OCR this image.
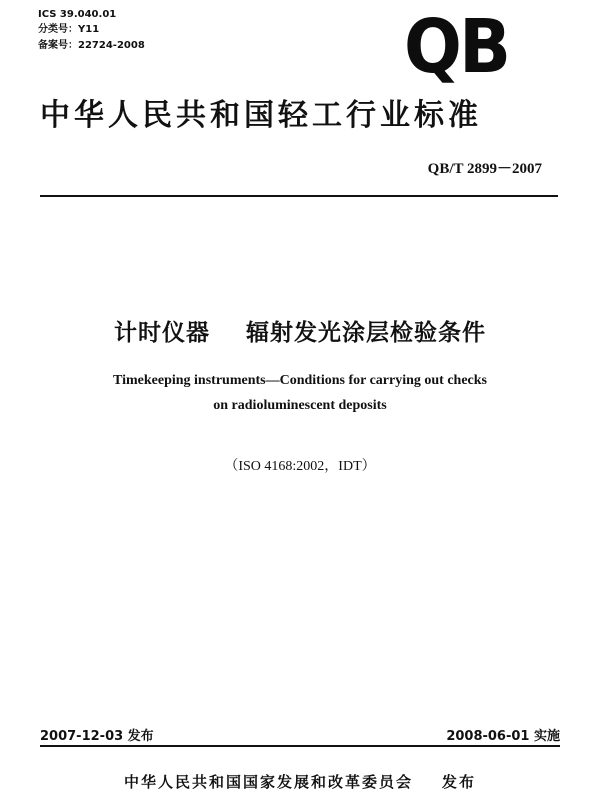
ICS 39.040.01
分类号：Y11
备案号：22724-2008	QB
中华人民共和国轻工行业标准
QB/T 2899－2007
计时仪器    辐射发光涂层检验条件
Timekeeping instruments—Conditions for carrying out checks
on radioluminescent deposits
（ISO 4168:2002，IDT）
2007-12-03 发布	2008-06-01 实施
中华人民共和国国家发展和改革委员会    发布
